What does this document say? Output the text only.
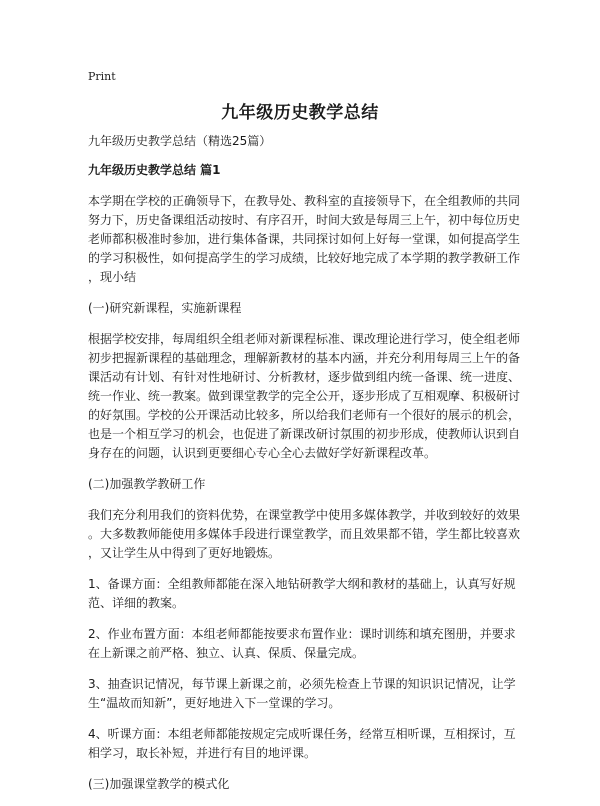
Print
九年级历史教学总结
九年级历史教学总结（精选25篇）
九年级历史教学总结 篇1
本学期在学校的正确领导下，在教导处、教科室的直接领导下，在全组教师的共同
努力下，历史备课组活动按时、有序召开，时间大致是每周三上午，初中每位历史
老师都积极准时参加，进行集体备课，共同探讨如何上好每一堂课，如何提高学生
的学习积极性，如何提高学生的学习成绩，比较好地完成了本学期的教学教研工作
，现小结
(一)研究新课程，实施新课程
根据学校安排，每周组织全组老师对新课程标准、课改理论进行学习，使全组老师
初步把握新课程的基础理念，理解新教材的基本内涵，并充分利用每周三上午的备
课活动有计划、有针对性地研讨、分析教材，逐步做到组内统一备课、统一进度、
统一作业、统一教案。做到课堂教学的完全公开，逐步形成了互相观摩、积极研讨
的好氛围。学校的公开课活动比较多，所以给我们老师有一个很好的展示的机会，
也是一个相互学习的机会，也促进了新课改研讨氛围的初步形成，使教师认识到自
身存在的问题，认识到更要细心专心全心去做好学好新课程改革。
(二)加强教学教研工作
我们充分利用我们的资料优势，在课堂教学中使用多媒体教学，并收到较好的效果
。大多数教师能使用多媒体手段进行课堂教学，而且效果都不错，学生都比较喜欢
，又让学生从中得到了更好地锻炼。
1、备课方面：全组教师都能在深入地钻研教学大纲和教材的基础上，认真写好规
范、详细的教案。
2、作业布置方面：本组老师都能按要求布置作业：课时训练和填充图册，并要求
在上新课之前严格、独立、认真、保质、保量完成。
3、抽查识记情况，每节课上新课之前，必须先检查上节课的知识识记情况，让学
生“温故而知新”，更好地进入下一堂课的学习。
4、听课方面：本组老师都能按规定完成听课任务，经常互相听课，互相探讨，互
相学习，取长补短，并进行有目的地评课。
(三)加强课堂教学的模式化
